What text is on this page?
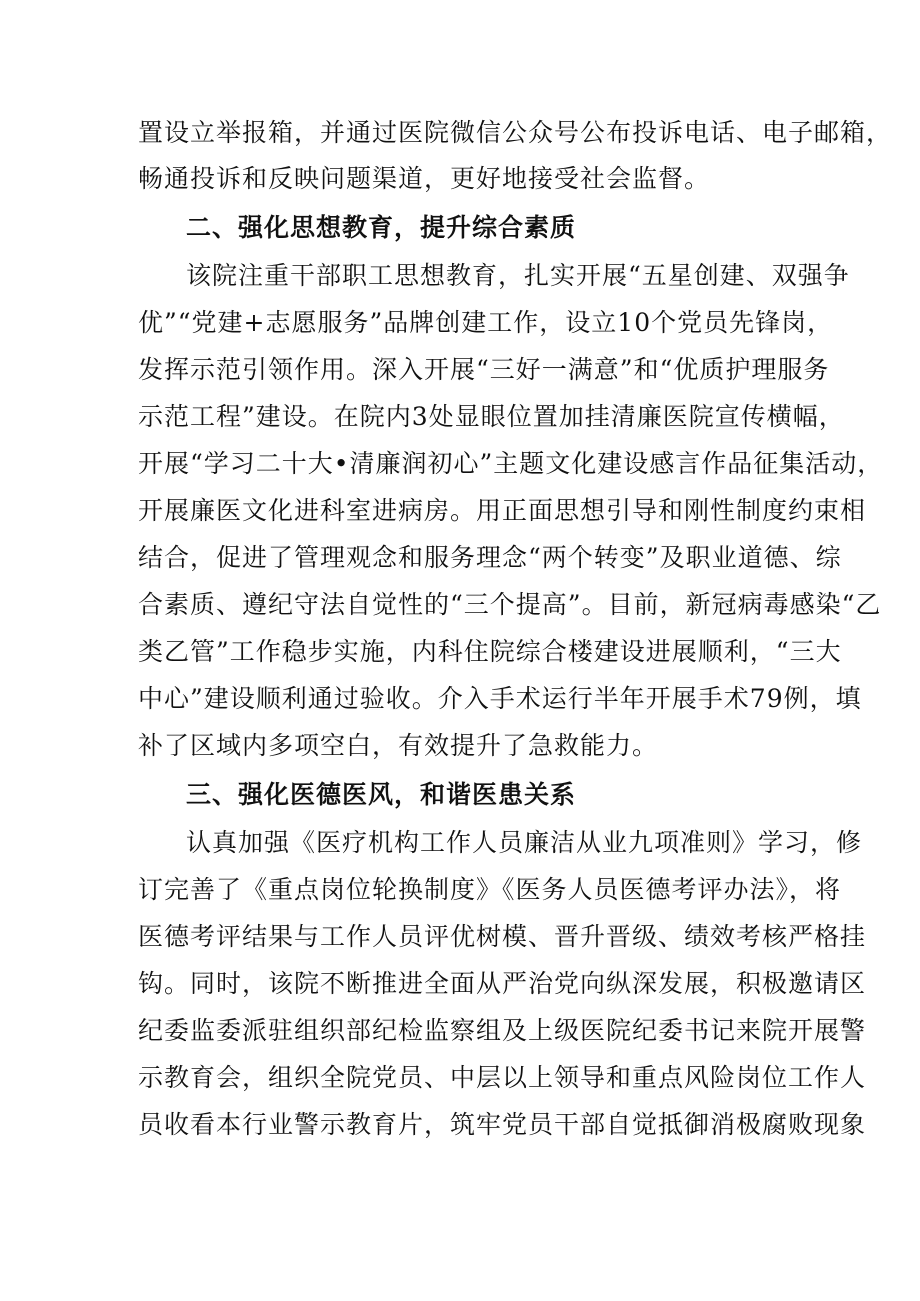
置设立举报箱，并通过医院微信公众号公布投诉电话、电子邮箱，
畅通投诉和反映问题渠道，更好地接受社会监督。
二、强化思想教育，提升综合素质
该院注重干部职工思想教育，扎实开展“五星创建、双强争
优”“党建+志愿服务”品牌创建工作，设立10个党员先锋岗，
发挥示范引领作用。深入开展“三好一满意”和“优质护理服务
示范工程”建设。在院内3处显眼位置加挂清廉医院宣传横幅，
开展“学习二十大•清廉润初心”主题文化建设感言作品征集活动，
开展廉医文化进科室进病房。用正面思想引导和刚性制度约束相
结合，促进了管理观念和服务理念“两个转变”及职业道德、综
合素质、遵纪守法自觉性的“三个提高”。目前，新冠病毒感染“乙
类乙管”工作稳步实施，内科住院综合楼建设进展顺利，“三大
中心”建设顺利通过验收。介入手术运行半年开展手术79例，填
补了区域内多项空白，有效提升了急救能力。
三、强化医德医风，和谐医患关系
认真加强《医疗机构工作人员廉洁从业九项准则》学习，修
订完善了《重点岗位轮换制度》《医务人员医德考评办法》，将
医德考评结果与工作人员评优树模、晋升晋级、绩效考核严格挂
钩。同时，该院不断推进全面从严治党向纵深发展，积极邀请区
纪委监委派驻组织部纪检监察组及上级医院纪委书记来院开展警
示教育会，组织全院党员、中层以上领导和重点风险岗位工作人
员收看本行业警示教育片，筑牢党员干部自觉抵御消极腐败现象
